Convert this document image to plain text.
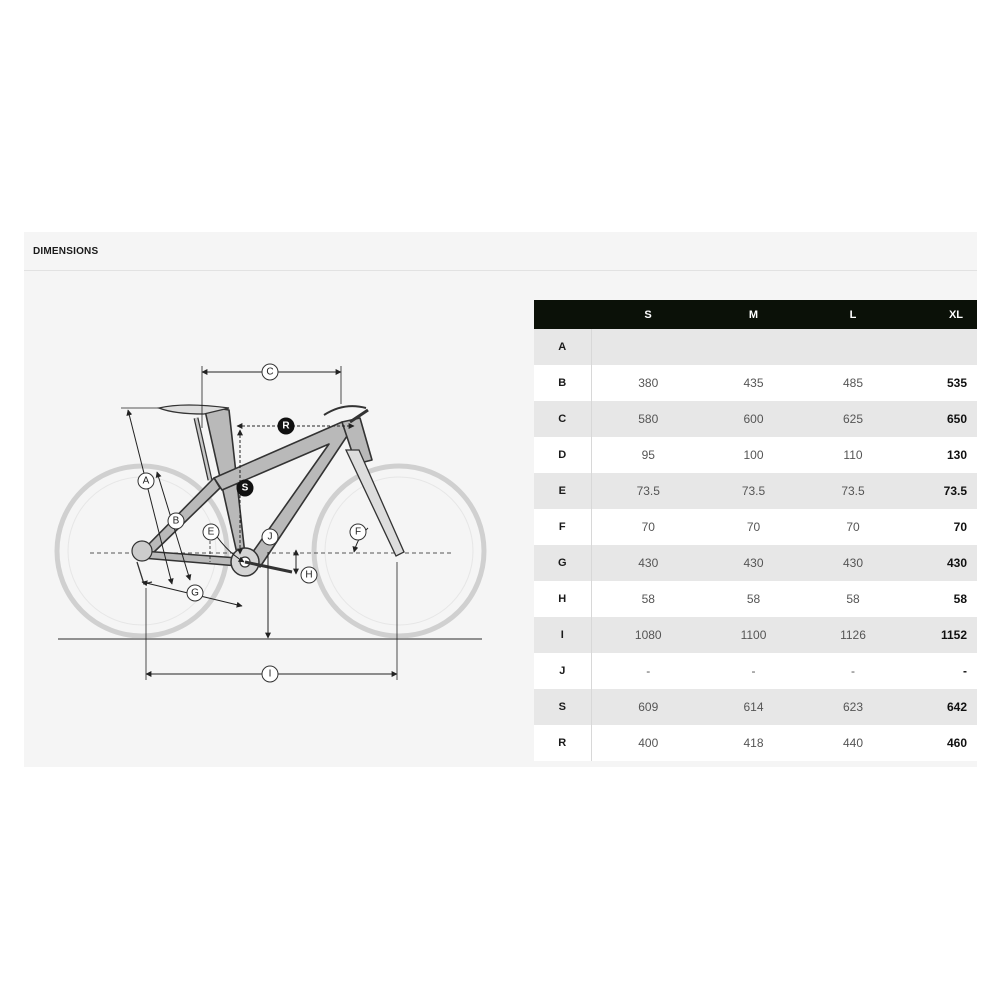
DIMENSIONS
C
R
S
A
B
E	J	F
H
G
I
	S	M	L	XL
A				
B	380	435	485	535
C	580	600	625	650
D	95	100	110	130
E	73.5	73.5	73.5	73.5
F	70	70	70	70
G	430	430	430	430
H	58	58	58	58
I	1080	1100	1126	1152
J	-	-	-	-
S	609	614	623	642
R	400	418	440	460
